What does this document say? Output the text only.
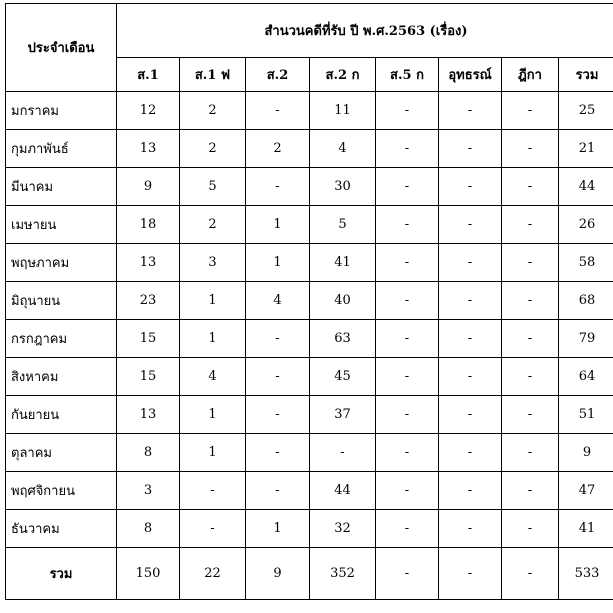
ประจำเดือน	สำนวนคดีที่รับ ปี พ.ศ.2563 (เรื่อง)							
	ส.1	ส.1 ฟ	ส.2	ส.2 ก	ส.5 ก	อุทธรณ์	ฎีกา	รวม
มกราคม	12	2	-	11	-	-	-	25
กุมภาพันธ์	13	2	2	4	-	-	-	21
มีนาคม	9	5	-	30	-	-	-	44
เมษายน	18	2	1	5	-	-	-	26
พฤษภาคม	13	3	1	41	-	-	-	58
มิถุนายน	23	1	4	40	-	-	-	68
กรกฎาคม	15	1	-	63	-	-	-	79
สิงหาคม	15	4	-	45	-	-	-	64
กันยายน	13	1	-	37	-	-	-	51
ตุลาคม	8	1	-	-	-	-	-	9
พฤศจิกายน	3	-	-	44	-	-	-	47
ธันวาคม	8	-	1	32	-	-	-	41
รวม	150	22	9	352	-	-	-	533
